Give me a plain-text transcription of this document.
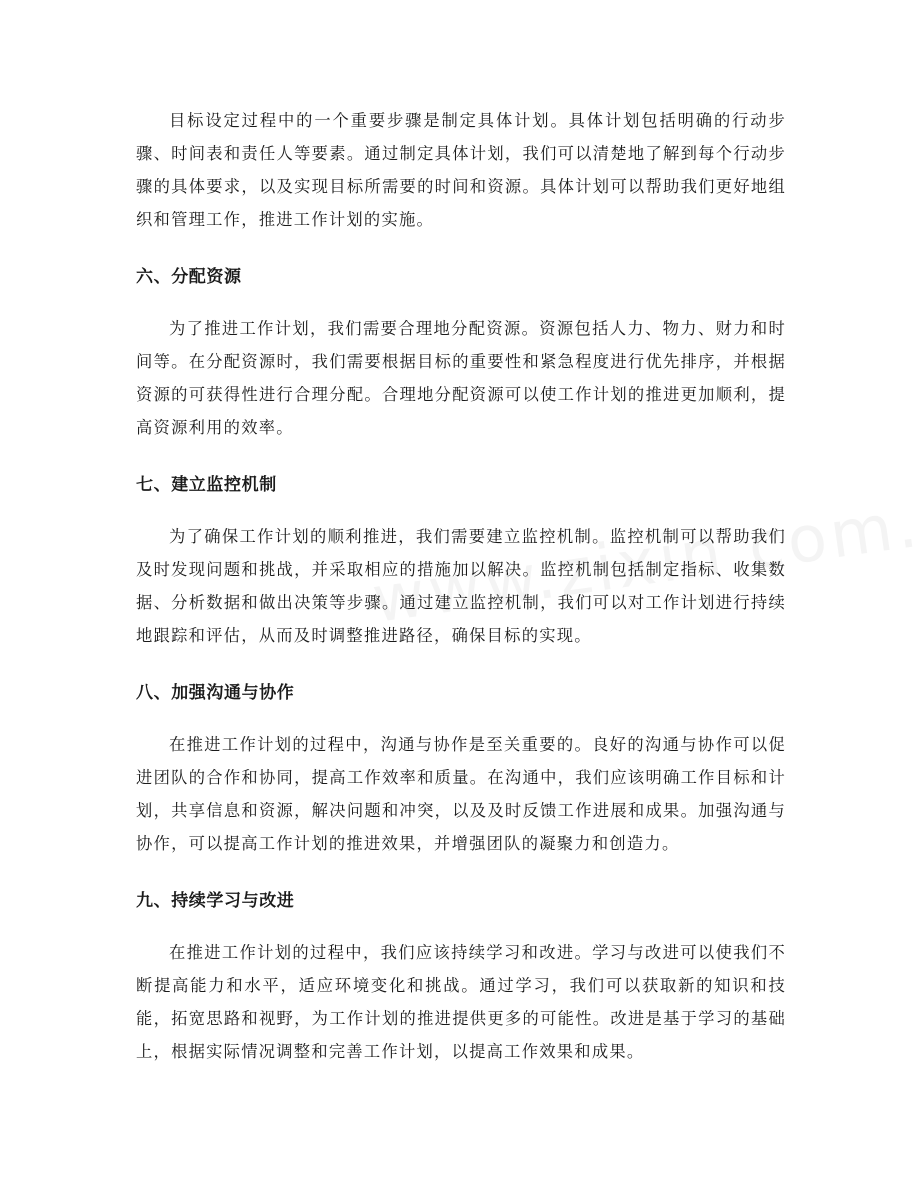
目标设定过程中的一个重要步骤是制定具体计划。具体计划包括明确的行动步骤、时间表和责任人等要素。通过制定具体计划，我们可以清楚地了解到每个行动步骤的具体要求，以及实现目标所需要的时间和资源。具体计划可以帮助我们更好地组织和管理工作，推进工作计划的实施。

六、分配资源

为了推进工作计划，我们需要合理地分配资源。资源包括人力、物力、财力和时间等。在分配资源时，我们需要根据目标的重要性和紧急程度进行优先排序，并根据资源的可获得性进行合理分配。合理地分配资源可以使工作计划的推进更加顺利，提高资源利用的效率。

七、建立监控机制

为了确保工作计划的顺利推进，我们需要建立监控机制。监控机制可以帮助我们及时发现问题和挑战，并采取相应的措施加以解决。监控机制包括制定指标、收集数据、分析数据和做出决策等步骤。通过建立监控机制，我们可以对工作计划进行持续地跟踪和评估，从而及时调整推进路径，确保目标的实现。

八、加强沟通与协作

在推进工作计划的过程中，沟通与协作是至关重要的。良好的沟通与协作可以促进团队的合作和协同，提高工作效率和质量。在沟通中，我们应该明确工作目标和计划，共享信息和资源，解决问题和冲突，以及及时反馈工作进展和成果。加强沟通与协作，可以提高工作计划的推进效果，并增强团队的凝聚力和创造力。

九、持续学习与改进

在推进工作计划的过程中，我们应该持续学习和改进。学习与改进可以使我们不断提高能力和水平，适应环境变化和挑战。通过学习，我们可以获取新的知识和技能，拓宽思路和视野，为工作计划的推进提供更多的可能性。改进是基于学习的基础上，根据实际情况调整和完善工作计划，以提高工作效果和成果。
